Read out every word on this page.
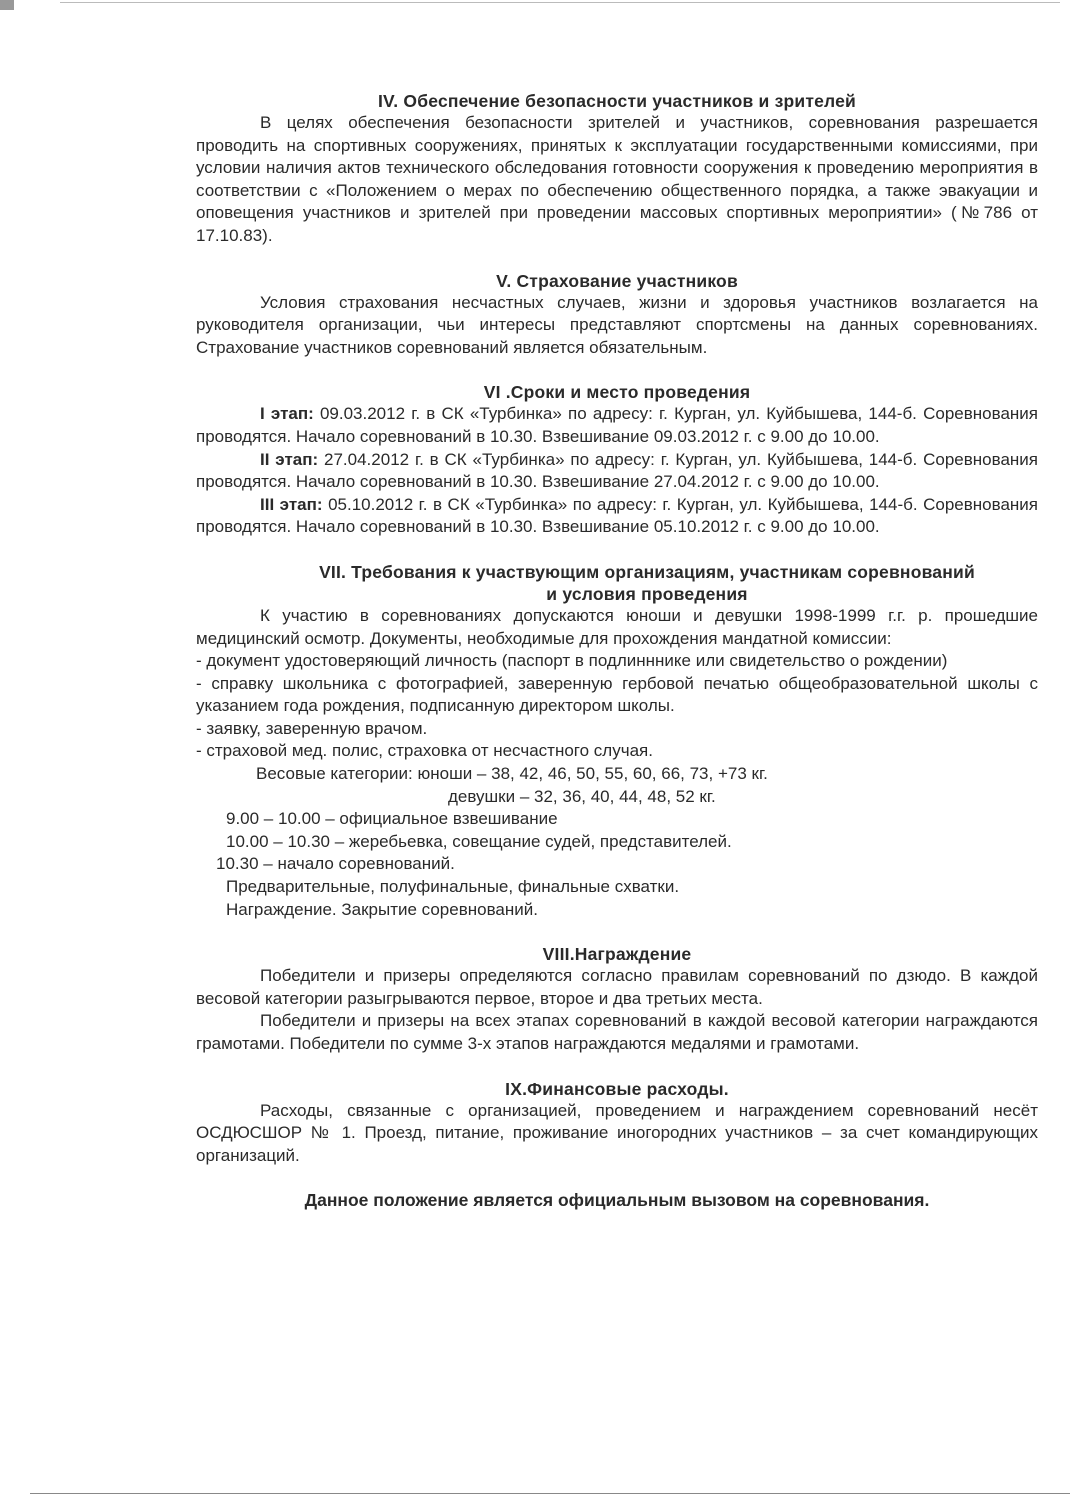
IV. Обеспечение безопасности участников и зрителей

В целях обеспечения безопасности зрителей и участников, соревнования разрешается проводить на спортивных сооружениях, принятых к эксплуатации государственными комиссиями, при условии наличия актов технического обследования готовности сооружения к проведению мероприятия в соответствии с «Положением о мерах по обеспечению общественного порядка, а также эвакуации и оповещения участников и зрителей при проведении массовых спортивных мероприятии» (№786 от 17.10.83).

V. Страхование участников

Условия страхования несчастных случаев, жизни и здоровья участников возлагается на руководителя организации, чьи интересы представляют спортсмены на данных соревнованиях. Страхование участников соревнований является обязательным.

VI .Сроки и место проведения

I этап: 09.03.2012 г. в СК «Турбинка» по адресу: г. Курган, ул. Куйбышева, 144-б. Соревнования проводятся. Начало соревнований в 10.30. Взвешивание 09.03.2012 г. с 9.00 до 10.00.

II этап: 27.04.2012 г. в СК «Турбинка» по адресу: г. Курган, ул. Куйбышева, 144-б. Соревнования проводятся. Начало соревнований в 10.30. Взвешивание 27.04.2012 г. с 9.00 до 10.00.

III этап: 05.10.2012 г. в СК «Турбинка» по адресу: г. Курган, ул. Куйбышева, 144-б. Соревнования проводятся. Начало соревнований в 10.30. Взвешивание 05.10.2012 г. с 9.00 до 10.00.

VII. Требования к участвующим организациям, участникам соревнований
и условия проведения

К участию в соревнованиях допускаются юноши и девушки 1998-1999 г.г. р. прошедшие медицинский осмотр. Документы, необходимые для прохождения мандатной комиссии:

- документ удостоверяющий личность (паспорт в подлинннике или свидетельство о рождении)

- справку школьника с фотографией, заверенную гербовой печатью общеобразовательной школы с указанием года рождения, подписанную директором школы.

- заявку, заверенную врачом.

- страховой мед. полис, страховка от несчастного случая.

Весовые категории: юноши – 38, 42, 46, 50, 55, 60, 66, 73, +73 кг.
девушки – 32, 36, 40, 44, 48, 52 кг.
9.00 – 10.00 – официальное взвешивание
10.00 – 10.30 – жеребьевка, совещание судей, представителей.
10.30 – начало соревнований.
Предварительные, полуфинальные, финальные схватки.
Награждение. Закрытие соревнований.
VIII.Награждение

Победители и призеры определяются согласно правилам соревнований по дзюдо. В каждой весовой категории разыгрываются первое, второе и два третьих места.

Победители и призеры на всех этапах соревнований в каждой весовой категории награждаются грамотами. Победители по сумме 3-х этапов награждаются медалями и грамотами.

IX.Финансовые расходы.

Расходы, связанные с организацией, проведением и награждением соревнований несёт ОСДЮСШОР № 1. Проезд, питание, проживание иногородних участников – за счет командирующих организаций.

Данное положение является официальным вызовом на соревнования.
